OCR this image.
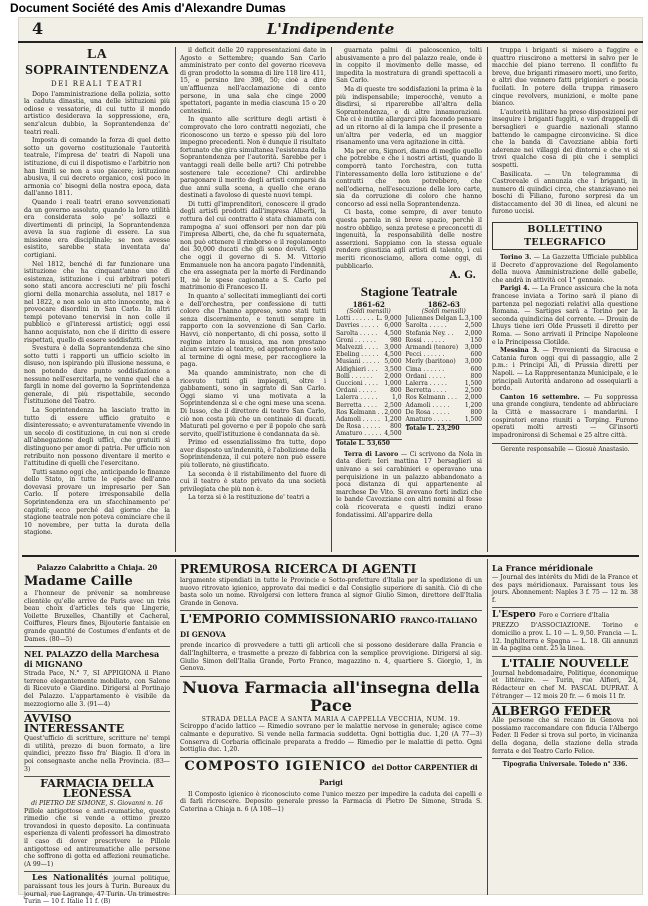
Document Société des Amis d'Alexandre Dumas
4	L'Indipendente
LA SOPRAINTENDENZA
DEI REALI TEATRI

Dopo l'amministrazione della polizia, sotto la caduta dinastia, una delle istituzioni più odiose e vessatorie, di cui tutto il mondo artistico desiderava la soppressione, era, senz'alcun dubbio, la Soprantendenza de' teatri reali.

Imposta di comando la forza di quel detto sotto un governo costituzionale l'autorità teatrale, l'impresa de' teatri di Napoli una istituzione, di cui il dispotismo e l'arbitrio non han limiti se non a suo piacere; istituzione abusiva, il cui decreto organico, così poco in armonia co' bisogni della nostra epoca, data dall'anno 1811.

Quando i reali teatri erano sovvenzionati da un governo assoluto, quando la loro utilità era considerata solo pe' sollazzi e divertimenti di principi, la Soprantendenza aveva la sua ragione di essere. La sua missione era disciplinale; se non avesse esistito, sarebbe stata inventata da' cortigiani.

Nel 1812, benché di far funzionare una istituzione che ha cinquant'anno uno di esistenza, istituzione i cui arbitrari poteri sono stati ancora accresciuti ne' più foschi giorni della monarchia assoluta, nel 1817 e nel 1822, e non solo un atto innocente, ma è provocare disordini in San Carlo. In altri tempi potevano tenervisi in non colle il pubblico e gl'interessi artistici; oggi essi hanno acquistato, non che il diritto di essere rispettati, quello di essere soddisfatti.

Svestura è della Soprantendenza che sino sotto tutti i rapporti un ufficio sciolto in disuso, non ispirando più illusione nessuna, e non potendo dare punto soddisfazione a nessuno nell'esercitarla, ne venne quel che a fargli in nome del governo la Soprintendenza generale, di più rispettabile, secondo l'istituzione del Teatro.

La Soprintendenza ha lasciato tratto in tutto di essere ufficio gratuito e disinteressato; e avventuratamente vivendo in un secolo di costituzione, in cui non si crede all'abnegazione degli uffici, che gratuiti sì distinguono per amor di patria. Per ufficio non retribuito non possono diventare il merito e l'attitudine di quelli che l'esercitano.

Tutti sanno oggi che, anticipando le finanze dello Stato, in tutte le epoche dell'anno dovevasi provare un impresario per San Carlo. Il potere irresponsabile della Soprintendenza era un sfacchinamento pe' capitoli; ecco perché dal giorno che la stagione teatrale non poteva cominciare che il 10 novembre, per tutta la durata della stagione.

il deficit delle 20 rappresentazioni date in Agosto e Settembre; quando San Carlo amministrato per conto del governo riceveva di gran prodotto la somma di lire 118 lire 411, 15, e persino lire 398, 50; cioè a dire un'affluenza nell'acclamazione di cento persone, in una sala che cinge 2000 spettatori, pagante in media ciascuna 15 o 20 centesimi.

In quanto alle scritture degli artisti è comprovato che loro contratti negoziati, che riconoscono un terzo e spesso più del loro impegno precedenti. Non è dunque il risultato fortunato che gira simultanea l'esistenza della Soprantendenza per l'autorità. Sarebbe per i vantaggi reali delle belle arti? Chi potrebbe sostenere tale eccezione? Chi ardirebbe paragonare il merito degli artisti comparsi da due anni sulla scena, a quello che erano destinati a favoloso di queste nuovi tempi.

Di tutti gl'imprenditori, conoscere il grado degli artisti prodotti dall'impresa Alberti, la rottura del cui contratto è stata chiamata con rampogna a' suoi offensori per non dar più l'impresa Alberti, che, da che fu squaternata, non può ottenere il rimborso e il regolamento dei 30,000 ducati che gli sono dovuti. Oggi che oggi il governo di S. M. Vittorio Emmanuele non ha ancora pagato l'indennità, che era assegnata per la morte di Ferdinando II, nè le spese cagionate a S. Carlo pel matrimonio di Francesco II.

In quanto a' sollecitati immeglianti dei corti e dell'orchestra, per confessione di tutti coloro che l'hanno appreso, sono stati tutti senza discernimento, e tenuti sempre in rapporto con la sovvenzione di San Carlo. Havvi, ciò nonpertanto, di chi possa, sotto il regime intero la musica, ma non prestano alcun servizio al teatro, ed appartengono solo al termine di ogni mese, per raccogliere la paga.

Ma quando amministrato, non che di ricevuto tutti gli impiegati, oltre i gabbamenti, sono in sagrato di San Carlo. Oggi siamo vi una motivata a la Soprintendenza sì e che ogni mese una scena. Di lusso, che il direttore di teatro San Carlo, ciò non costa più che un centinaio di ducati. Maturati pel governo e per il popolo che sarà servito, quell'istituzione è condannata da sè.

Primo ed essenzialissimo fra tutte, dopo aver disposto un'indennità, è l'abolizione della Soprintendenza, il cui potere non può essere più tollerato, nè giustificato.

La seconda è il ristabilimento del fuore di cui il teatro è stato privato da una società privilegiata che più non è.

La terza si è la restituzione de' teatri a

guarnata palmi di palcoscenico, tolti abusivamente a pro del palazzo reale, onde è in coppito il movimento delle masse, ed impedita la mostratura di grandi spettacoli a San Carlo.

Ma di queste tre soddisfazioni la prima è la più indispensabile; imperocchè, venuto a disdirsi, si riparerebbe all'altra della Soprantendenza, e di altre innamorazioni. Che ci è inutile allargarci più facendo pensare ad un ritorno al di la lampa che il presente a un'altra per vederla, ed un maggior risanamento una vera agitazione in città.

Ma per ora, Signori, diamo di meglio quello che potrebbe e che i nostri artisti, quando li comporrà tanto l'orchestra, con tutta l'interessamento della loro istituzione e de' contratti che non potrebbero, che nell'odierna, nell'esecuzione delle loro carte, sia da corruzione di coloro che hanno concorso ad essi nella Soprantendenza.

Ci basta, come sempre, di aver tenuto questa parola in sì breve spazio, perchè il nostro obbligo, senza pretese e preconcetti di ingenuità, la responsabilità delle nostre asserzioni. Sappiamo con la stessa eguale rendere giustizia agli artisti di talento, i cui meriti riconosciamo, allora come oggi, di pubblicarlo.

A. G.
Stagione Teatrale
1861-62
(Soldi mensili)
Lotti . . . . . . L. 9,000
Davries . . . . . 6,000
Sarolta . . . . . 4,500
Groni . . . . . . 980
Malvezzi . . . . 3,000
Ebeling . . . . . 4,500
Musiani . . . . . 5,000
Aldighieri . . . 3,500
Bolli . . . . . . 2,000
Guccioni . . . . 1,000
Ordani . . . . . 800
Lalerra . . . . . 1,0
Berretta . . . . 2,500
Ros Kelmann . . 2,000
Adamoli . . . . . 1,200
De Rosa . . . . . 800
Amaturo . . . . . 4,500
Totale L. 53,650
1862-63
(Soldi mensili)
Juliennes Delgan L. 3,100
Sarolta . . . . .	2,500
Stefania Ney. . . 2,000
Rossi . . . . . .	150
Armandi (tenore) 3,000
Pecci . . . . . .	600
Merly (baritono) 3,000
Cima . . . . . .	600
Ordani . . . . .	800
Lalerra . . . . .	1,500
Berretta . . . .	2,500
Ros Kelmann . . . 2,000
Adamoli . . . . .	1,200
De Rosa . . . . .	800
Amaturo . . . . . 1,500
Totale L. 23,290

Terra di Lavoro — Ci scrivono da Nola in data dieri: Ieri mattina 17 bersaglieri si univano a sei carabinieri e operavano una perquisizione in un palazzo abbandonato a poca distanza di qui appartenente al marchese De Vito. Si avevano forti indizi che le bande Cavozziane con altri nomini al fosse colà ricoverata e questi indizi erano fondatissimi. All'apparire della

truppa i briganti si misero a fuggire e quattro riuscirono a mettersi in salvo per le macchie del piano terreno. Il conflitto fu breve, due briganti rimasero morti, uno ferito, e altri due vennero fatti prigionieri e poscia fucilati. In potere della truppa rimasero cinque revolvers, munizioni, e molte pane bianco.

L'autorità militare ha preso disposizioni per inseguire i briganti fuggiti, e vari drappelli di bersaglieri e guardie nazionali stanno battendo le campagne circonvicine. Si dice che la banda di Cavozziane abbia forti aderenze nei villaggi dei dintorni e che vi si trovi qualche cosa di più che i semplici sospetti.

Basilicata. — Un telegramma di Castroreale ci annunzia che i briganti, in numero di quindici circa, che stanziavano nei boschi di Filiano, furono sorpresi da un distaccamento del 30 di linea, ed alcuni ne furono uccisi.

BOLLETTINO TELEGRAFICO

Torino 3. — La Gazzetta Ufficiale pubblica il Decreto d'approvazione del Regolamento della nuova Amministrazione delle gabelle, che andrà in attività col 1° gennaio.

Parigi 4. — La France assicura che la nota francese inviata a Torino sarà il piano di partenza pel negoziati relativi alla questione Romana. — Sartiges sarà a Torino per la seconda quindicina del corrente. — Drouin de Lhuys tiene ieri Olde Prusseti il diretto per Roma. — Sono arrivati il Principe Napoleone e la Principessa Clotilde.

Messina 3. — Provenienti da Siracusa e Catania furon oggi qui di passaggio, alle 2 p.m.: i Principi Alì, di Prussia diretti per Napoli. — La Rappresentanza Municipale, e le principali Autorità andarono ad ossequiarli a bordo.

Canton 16 settembre. — Fu soppressa una grande congiura, tendente ad abbruciare la Città e massacrare i mandarini. I cospiratori erano riuniti a Torping. Furono operati molti arresti — Gl'insorti impadronironsi di Schemai e 25 altre città.

Gerente responsabile — Giosuè Anastasio.
Palazzo Calabritto a Chiaja. 20
Madame Caille

a l'honneur de prévenir sa nombreuse clientèle qu'elle arrive de Paris avec un très beau choix d'articles tels que Lingerie, Voilette Bruxelles, Chantilly et Cacheral, Coiffures, Fleurs fines, Bijouterie fantaisie en grande quantité de Costumes d'enfants et de Dames. (80—5)

NEL PALAZZO della Marchesa di MIGNANO

Strada Pace, N.° 7, SI APPIGIONA il Piano terreno elegantemente mobiliato, con Salone di Ricevuto e Giardino. Dirigersi al Portinajo del Palazzo. L'appartamento è visibile da mezzogiorno alle 3. (91—4)

AVVISO INTERESSANTE

Quest'ufficio di scritture, scritture ne' tempi di utilità, prezzo di buon formato, a lire quindici, prezzo fisso fra' Biagio. Il d'ora in poi consegnaste anche nella Provincia. (83—3)

FARMACIA DELLA LEONESSA
di PIETRO DE SIMONE, S. Giovanni n. 16

Pillole antigottose e anti-reumatiche, questo rimedio che si vende a ottimo prezzo trovandosi in questo deposito. La continuata esperienza di valenti professori ha dimostrato il caso di dover prescrivere le Pillole antigottose ed antireumatiche alle persone che soffrono di gotta ed affezioni reumatiche. (A 99—1)

Les Nationalités journal politique, paraissant tous les jours à Turin. Bureaux du journal, rue Lagrange, 47 Turin. Un trimestre: Turin — 10 f. Italie 11 f. (B)

PREMUROSA RICERCA DI AGENTI

largamente stipendiati in tutte le Provincie e Sotto-prefetture d'Italia per la spedizione di un nuovo ritrovato igienico, approvato dai medici e dal Consiglio superiore di sanità. Ciò di che basta solo un nome. Rivolgersi con lettera franca al signor Giulio Simon, direttore dell'Italia Grande in Genova.

L'EMPORIO COMMISSIONARIO FRANCO-ITALIANO DI GENOVA

prende incarico di provvedere a tutti gli articoli che si possono desiderare dalla Francia e dall'Inghilterra, e trasmette a prezzo di fabbrica con la semplice provvigione. Dirigersi al sig. Giulio Simon dell'Italia Grande, Porto Franco, magazzino n. 4, quartiere S. Giorgio, 1, in Genova.

Nuova Farmacia all'insegna della Pace
STRADA DELLA PACE A SANTA MARIA A CAPPELLA VECCHIA, NUM. 19.

Sciroppo d'acido lattico — Rimedio sovrano per le malattie nervose in generale; agisce come calmante e depurativo. Si vende nella farmacia suddetta. Ogni bottiglia duc. 1,20 (A 77—3) Conserva di Corbaria officinale preparata a freddo — Rimedio per le malattie di petto. Ogni bottiglia duc. 1,20.

COMPOSTO IGIENICO del Dottor CARPENTIER di Parigi

Il Composto igienico è riconosciuto come l'unico mezzo per impedire la caduta dei capelli e di farli ricrescere. Deposito generale presso la Farmacia di Pietro De Simone, Strada S. Caterina a Chiaja n. 6 (A 108—1)

La France méridionale

— Journal des intérêts du Midi de la France et des pays méridionaux. Paraissant tous les jours. Abonnement: Naples 3 f. 75 — 12 m. 38 f.

L'Espero Foro e Corriere d'Italia

PREZZO D'ASSOCIAZIONE. Torino e domicilio a prov. L. 10 — L. 9,50. Francia — L. 12. Inghilterra e Spagna — L. 18. Gli annunzi in 4a pagina cent. 25 la linea.

L'ITALIE NOUVELLE

Journal hebdomadaire, Politique, économique et littéraire. — Turin, rue Alfieri, 24, Rédacteur en chef M. PASCAL DUPRAT. À l'étranger — 12 mois 20 fr. — 6 mois 11 fr.

ALBERGO FEDER

Alle persone che si recano in Genova noi possiamo raccomandare con fiducia l'Albergo Feder. Il Feder si trova sul porto, in vicinanza della dogana, della stazione della strada ferrata e del Teatro Carlo Felice.

Tipografia Universale. Toledo n° 336.
